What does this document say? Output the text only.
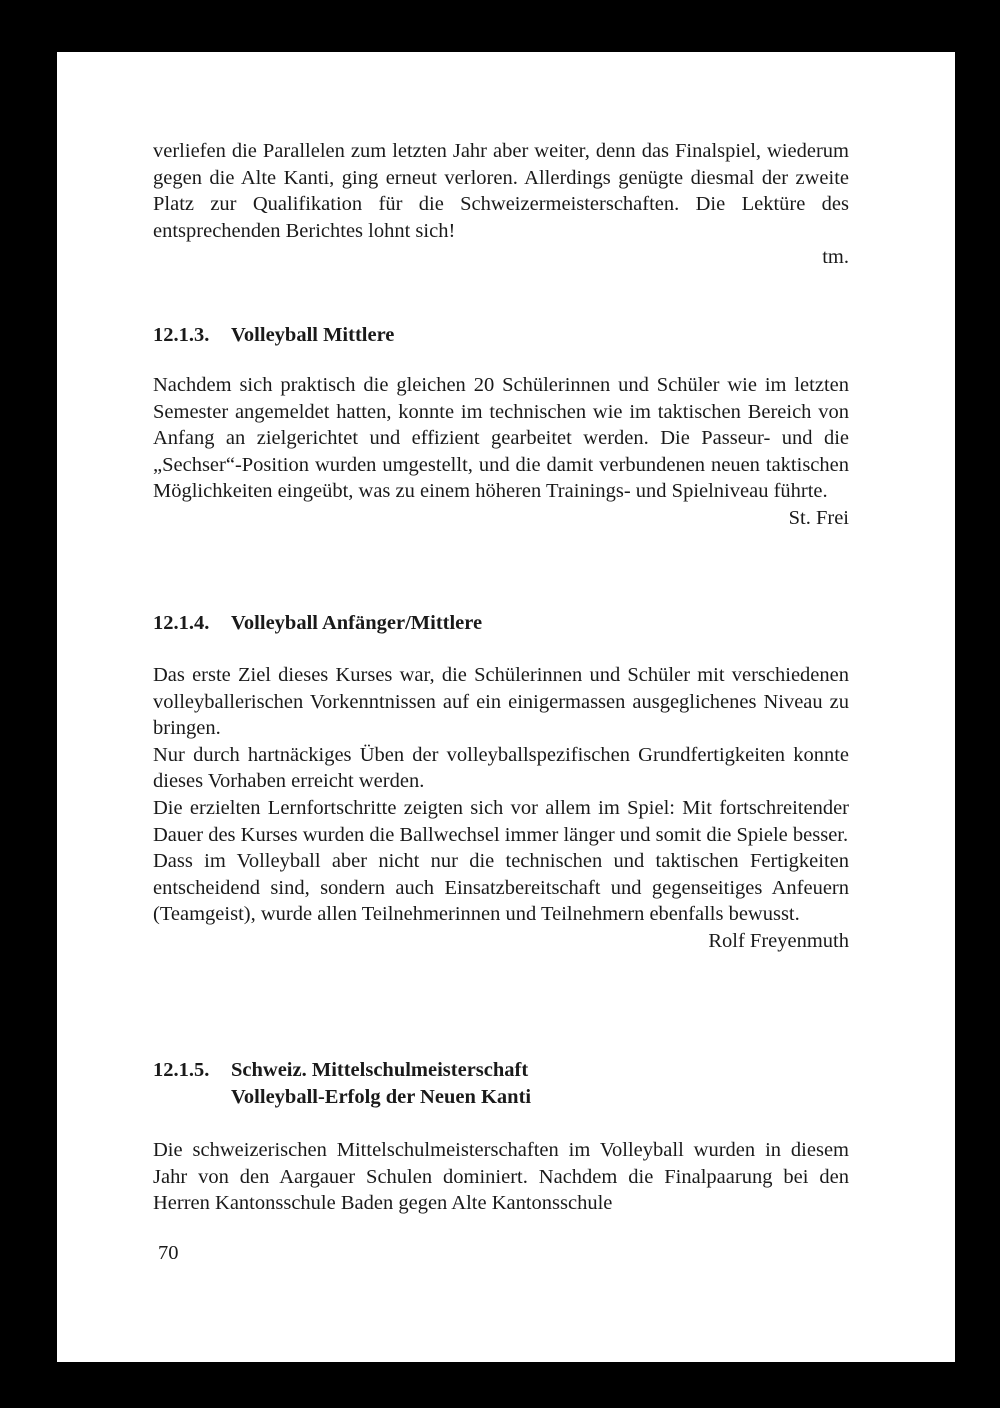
verliefen die Parallelen zum letzten Jahr aber weiter, denn das Finalspiel, wiederum gegen die Alte Kanti, ging erneut verloren. Allerdings genügte diesmal der zweite Platz zur Qualifikation für die Schweizermeisterschaften. Die Lektüre des entsprechenden Berichtes lohnt sich!

tm.

12.1.3. Volleyball Mittlere

Nachdem sich praktisch die gleichen 20 Schülerinnen und Schüler wie im letzten Semester angemeldet hatten, konnte im technischen wie im taktischen Bereich von Anfang an zielgerichtet und effizient gearbeitet werden. Die Passeur- und die „Sechser“-Position wurden umgestellt, und die damit verbundenen neuen taktischen Möglichkeiten eingeübt, was zu einem höheren Trainings- und Spielniveau führte.

St. Frei

12.1.4. Volleyball Anfänger/Mittlere

Das erste Ziel dieses Kurses war, die Schülerinnen und Schüler mit verschiedenen volleyballerischen Vorkenntnissen auf ein einigermassen ausgeglichenes Niveau zu bringen.

Nur durch hartnäckiges Üben der volleyballspezifischen Grundfertigkeiten konnte dieses Vorhaben erreicht werden.

Die erzielten Lernfortschritte zeigten sich vor allem im Spiel: Mit fortschreitender Dauer des Kurses wurden die Ballwechsel immer länger und somit die Spiele besser.

Dass im Volleyball aber nicht nur die technischen und taktischen Fertigkeiten entscheidend sind, sondern auch Einsatzbereitschaft und gegenseitiges Anfeuern (Teamgeist), wurde allen Teilnehmerinnen und Teilnehmern ebenfalls bewusst.

Rolf Freyenmuth

12.1.5. Schweiz. Mittelschulmeisterschaft
Volleyball-Erfolg der Neuen Kanti

Die schweizerischen Mittelschulmeisterschaften im Volleyball wurden in diesem Jahr von den Aargauer Schulen dominiert. Nachdem die Finalpaarung bei den Herren Kantonsschule Baden gegen Alte Kantonsschule

70
